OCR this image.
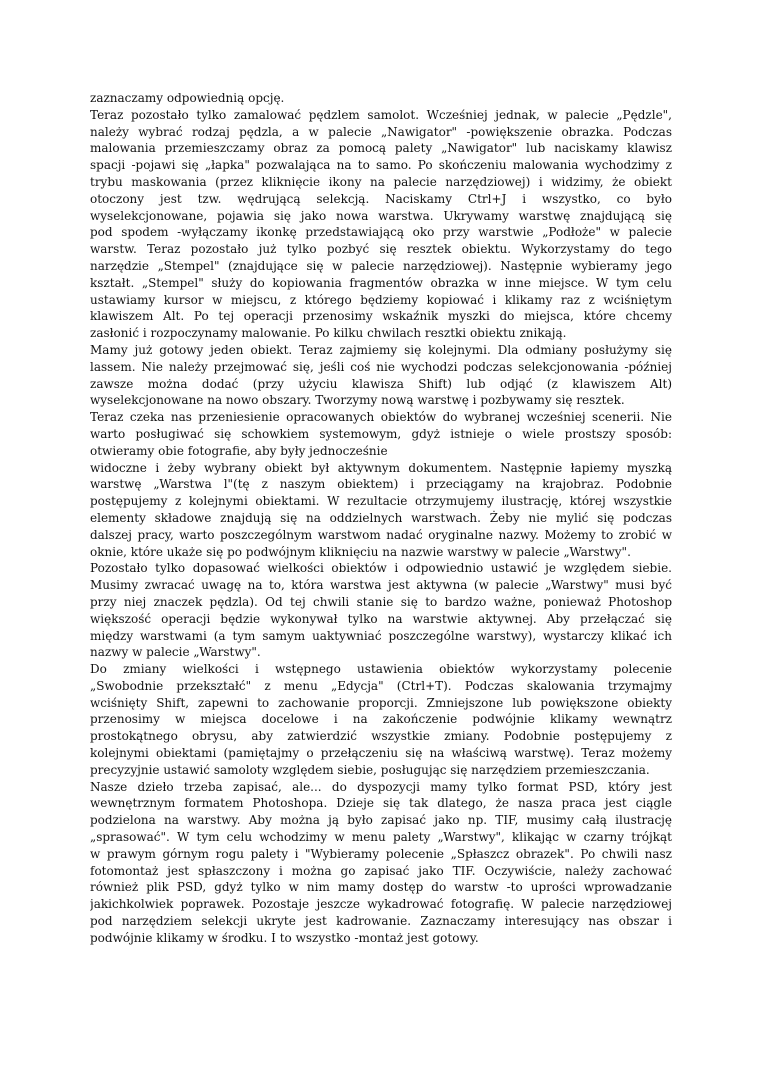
zaznaczamy odpowiednią opcję.
Teraz pozostało tylko zamalować pędzlem samolot. Wcześniej jednak, w palecie „Pędzle",
należy wybrać rodzaj pędzla, a w palecie „Nawigator" -powiększenie obrazka. Podczas
malowania przemieszczamy obraz za pomocą palety „Nawigator" lub naciskamy klawisz
spacji -pojawi się „łapka" pozwalająca na to samo. Po skończeniu malowania wychodzimy z
trybu maskowania (przez kliknięcie ikony na palecie narzędziowej) i widzimy, że obiekt
otoczony jest tzw. wędrującą selekcją. Naciskamy Ctrl+J i wszystko, co było
wyselekcjonowane, pojawia się jako nowa warstwa. Ukrywamy warstwę znajdującą się
pod spodem -wyłączamy ikonkę przedstawiającą oko przy warstwie „Podłoże" w palecie
warstw. Teraz pozostało już tylko pozbyć się resztek obiektu. Wykorzystamy do tego
narzędzie „Stempel" (znajdujące się w palecie narzędziowej). Następnie wybieramy jego
kształt. „Stempel" służy do kopiowania fragmentów obrazka w inne miejsce. W tym celu
ustawiamy kursor w miejscu, z którego będziemy kopiować i klikamy raz z wciśniętym
klawiszem Alt. Po tej operacji przenosimy wskaźnik myszki do miejsca, które chcemy
zasłonić i rozpoczynamy malowanie. Po kilku chwilach resztki obiektu znikają.
Mamy już gotowy jeden obiekt. Teraz zajmiemy się kolejnymi. Dla odmiany posłużymy się
lassem. Nie należy przejmować się, jeśli coś nie wychodzi podczas selekcjonowania -później
zawsze można dodać (przy użyciu klawisza Shift) lub odjąć (z klawiszem Alt)
wyselekcjonowane na nowo obszary. Tworzymy nową warstwę i pozbywamy się resztek.
Teraz czeka nas przeniesienie opracowanych obiektów do wybranej wcześniej scenerii. Nie
warto posługiwać się schowkiem systemowym, gdyż istnieje o wiele prostszy sposób:
otwieramy obie fotografie, aby były jednocześnie
widoczne i żeby wybrany obiekt był aktywnym dokumentem. Następnie łapiemy myszką
warstwę „Warstwa l"(tę z naszym obiektem) i przeciągamy na krajobraz. Podobnie
postępujemy z kolejnymi obiektami. W rezultacie otrzymujemy ilustrację, której wszystkie
elementy składowe znajdują się na oddzielnych warstwach. Żeby nie mylić się podczas
dalszej pracy, warto poszczególnym warstwom nadać oryginalne nazwy. Możemy to zrobić w
oknie, które ukaże się po podwójnym kliknięciu na nazwie warstwy w palecie „Warstwy".
Pozostało tylko dopasować wielkości obiektów i odpowiednio ustawić je względem siebie.
Musimy zwracać uwagę na to, która warstwa jest aktywna (w palecie „Warstwy" musi być
przy niej znaczek pędzla). Od tej chwili stanie się to bardzo ważne, ponieważ Photoshop
większość operacji będzie wykonywał tylko na warstwie aktywnej. Aby przełączać się
między warstwami (a tym samym uaktywniać poszczególne warstwy), wystarczy klikać ich
nazwy w palecie „Warstwy".
Do zmiany wielkości i wstępnego ustawienia obiektów wykorzystamy polecenie
„Swobodnie przekształć" z menu „Edycja" (Ctrl+T). Podczas skalowania trzymajmy
wciśnięty Shift, zapewni to zachowanie proporcji. Zmniejszone lub powiększone obiekty
przenosimy w miejsca docelowe i na zakończenie podwójnie klikamy wewnątrz
prostokątnego obrysu, aby zatwierdzić wszystkie zmiany. Podobnie postępujemy z
kolejnymi obiektami (pamiętajmy o przełączeniu się na właściwą warstwę). Teraz możemy
precyzyjnie ustawić samoloty względem siebie, posługując się narzędziem przemieszczania.
Nasze dzieło trzeba zapisać, ale... do dyspozycji mamy tylko format PSD, który jest
wewnętrznym formatem Photoshopa. Dzieje się tak dlatego, że nasza praca jest ciągle
podzielona na warstwy. Aby można ją było zapisać jako np. TIF, musimy całą ilustrację
„sprasować". W tym celu wchodzimy w menu palety „Warstwy", klikając w czarny trójkąt
w prawym górnym rogu palety i "Wybieramy polecenie „Spłaszcz obrazek". Po chwili nasz
fotomontaż jest spłaszczony i można go zapisać jako TIF. Oczywiście, należy zachować
również plik PSD, gdyż tylko w nim mamy dostęp do warstw -to uprości wprowadzanie
jakichkolwiek poprawek. Pozostaje jeszcze wykadrować fotografię. W palecie narzędziowej
pod narzędziem selekcji ukryte jest kadrowanie. Zaznaczamy interesujący nas obszar i
podwójnie klikamy w środku. I to wszystko -montaż jest gotowy.
